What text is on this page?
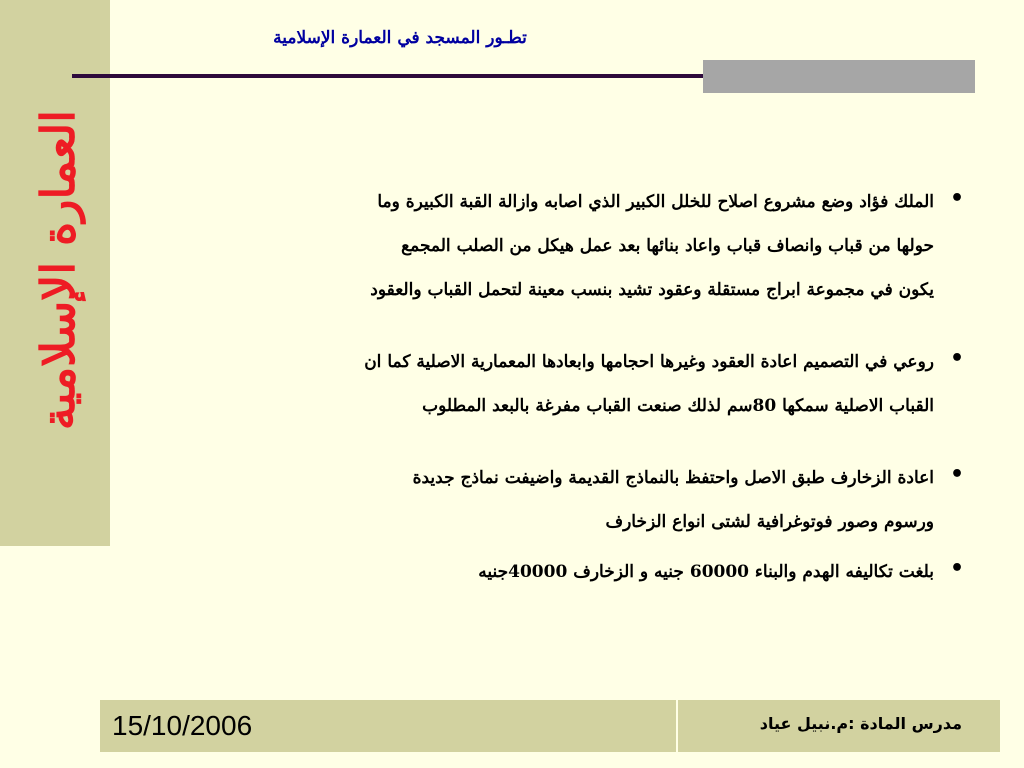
العمارة الإسلامية
تطـور المسجد في العمارة الإسلامية
• الملك فؤاد وضع مشروع اصلاح للخلل الكبير الذي اصابه وازالة القبة الكبيرة وما
حولها من قباب وانصاف قباب واعاد بنائها بعد عمل هيكل من الصلب المجمع
يكون في مجموعة ابراج مستقلة وعقود تشيد بنسب معينة لتحمل القباب والعقود
• روعي في التصميم اعادة العقود وغيرها احجامها وابعادها المعمارية الاصلية كما ان
القباب الاصلية سمكها 80سم لذلك صنعت القباب مفرغة بالبعد المطلوب
• اعادة الزخارف طبق الاصل واحتفظ بالنماذج القديمة واضيفت نماذج جديدة
ورسوم وصور فوتوغرافية لشتى انواع الزخارف
• بلغت تكاليفه الهدم والبناء 60000 جنيه و الزخارف 40000جنيه
15/10/2006	مدرس المادة :م.نبيل عياد
